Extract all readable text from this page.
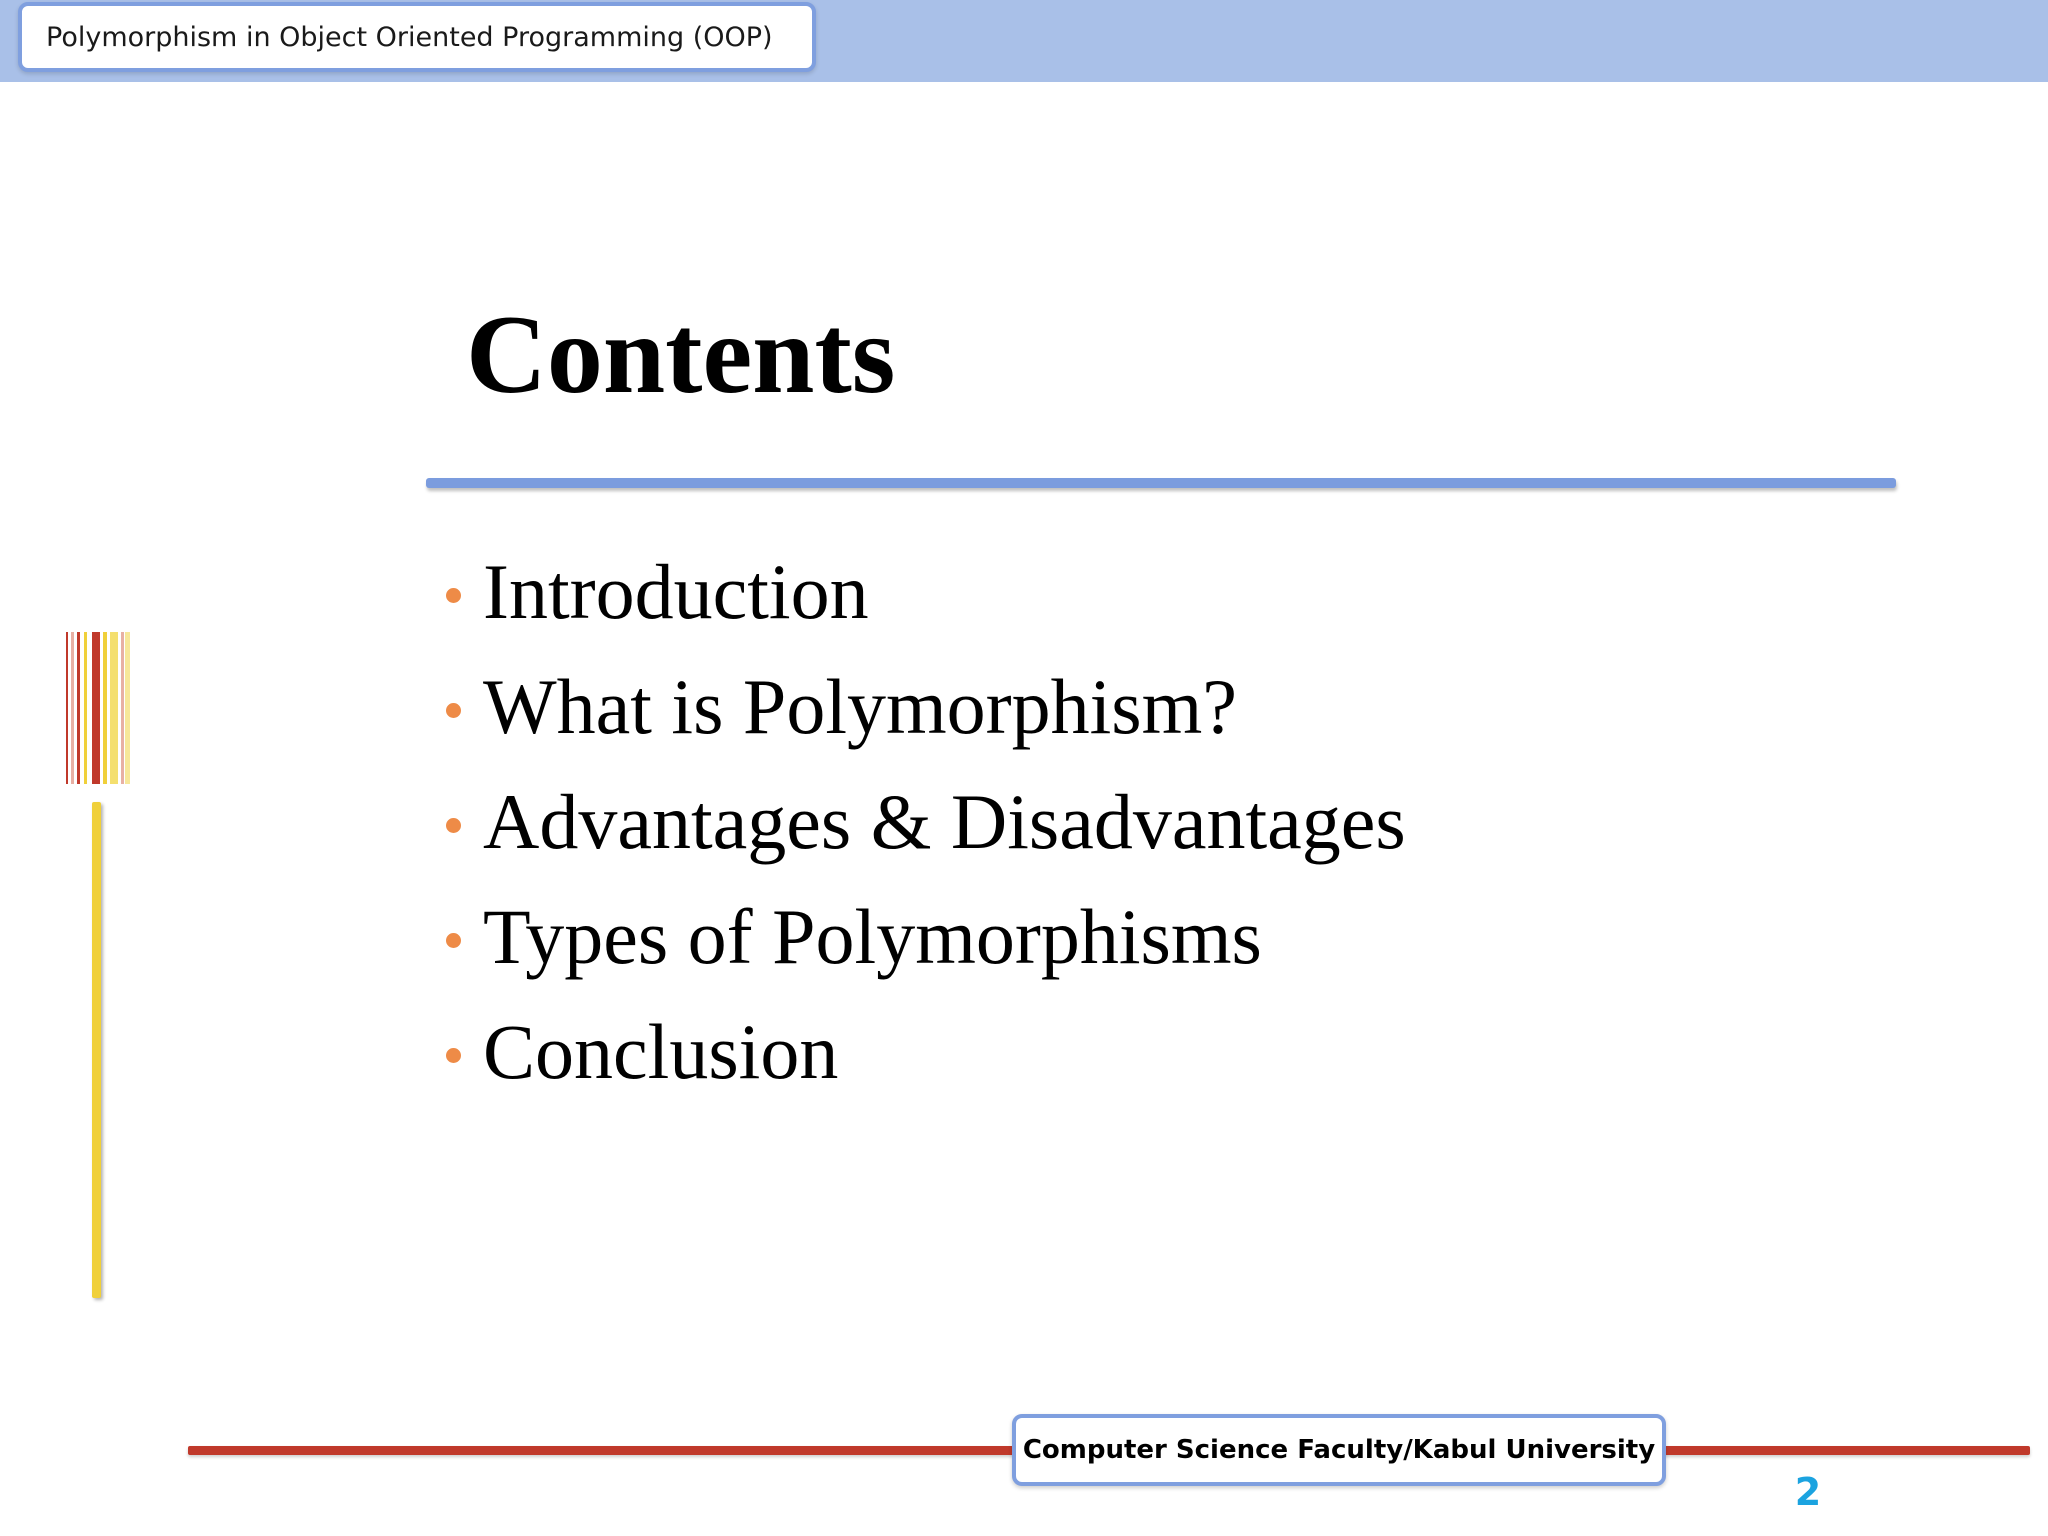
Polymorphism in Object Oriented Programming (OOP)
Contents
Introduction
What is Polymorphism?
Advantages & Disadvantages
Types of Polymorphisms
Conclusion
Computer Science Faculty/Kabul University
2
